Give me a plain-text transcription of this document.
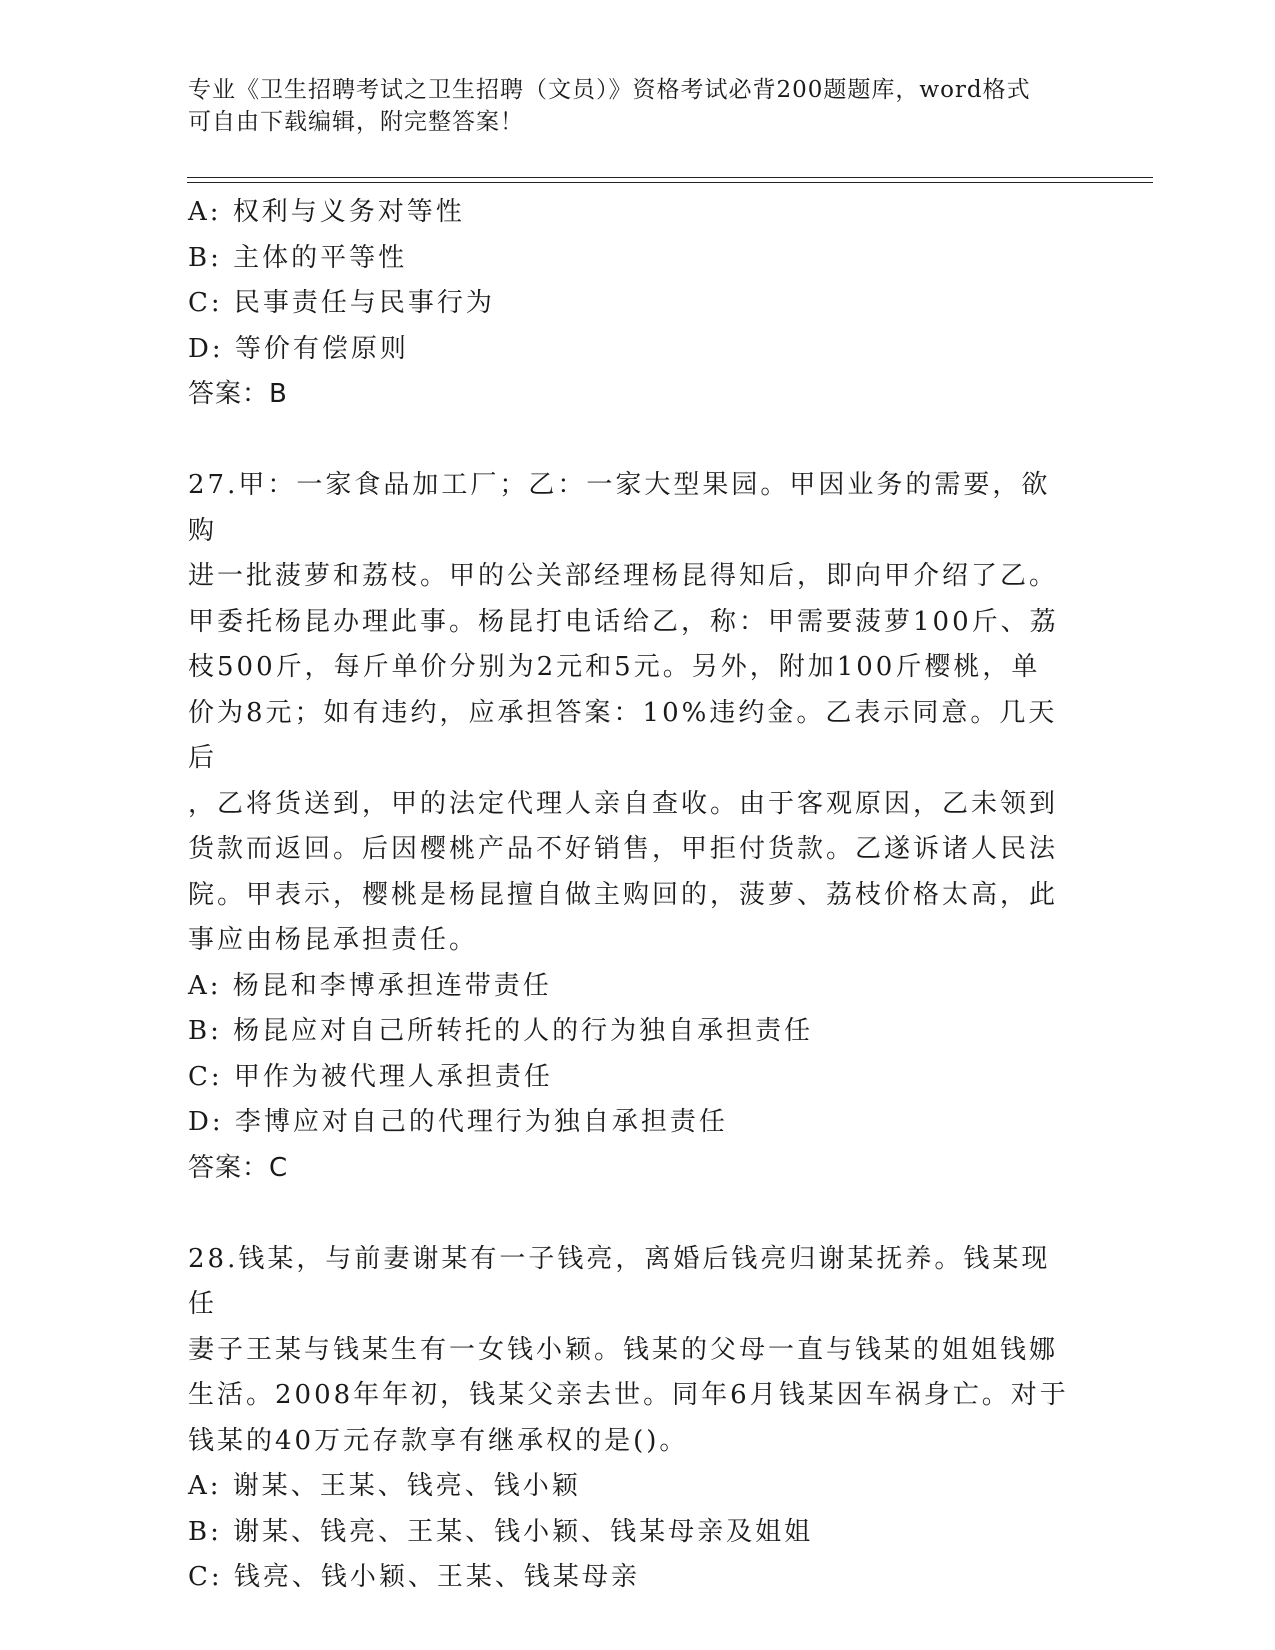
专业《卫生招聘考试之卫生招聘（文员）》资格考试必背200题题库，word格式
可自由下载编辑，附完整答案！
A: 权利与义务对等性
B: 主体的平等性
C: 民事责任与民事行为
D: 等价有偿原则
答案：B
27.甲：一家食品加工厂；乙：一家大型果园。甲因业务的需要，欲购
进一批菠萝和荔枝。甲的公关部经理杨昆得知后，即向甲介绍了乙。
甲委托杨昆办理此事。杨昆打电话给乙，称：甲需要菠萝100斤、荔
枝500斤，每斤单价分别为2元和5元。另外，附加100斤樱桃，单
价为8元；如有违约，应承担答案：10%违约金。乙表示同意。几天后
，乙将货送到，甲的法定代理人亲自查收。由于客观原因，乙未领到
货款而返回。后因樱桃产品不好销售，甲拒付货款。乙遂诉诸人民法
院。甲表示，樱桃是杨昆擅自做主购回的，菠萝、荔枝价格太高，此
事应由杨昆承担责任。
A: 杨昆和李博承担连带责任
B: 杨昆应对自己所转托的人的行为独自承担责任
C: 甲作为被代理人承担责任
D: 李博应对自己的代理行为独自承担责任
答案：C
28.钱某，与前妻谢某有一子钱亮，离婚后钱亮归谢某抚养。钱某现任
妻子王某与钱某生有一女钱小颖。钱某的父母一直与钱某的姐姐钱娜
生活。2008年年初，钱某父亲去世。同年6月钱某因车祸身亡。对于
钱某的40万元存款享有继承权的是()。
A: 谢某、王某、钱亮、钱小颖
B: 谢某、钱亮、王某、钱小颖、钱某母亲及姐姐
C: 钱亮、钱小颖、王某、钱某母亲
